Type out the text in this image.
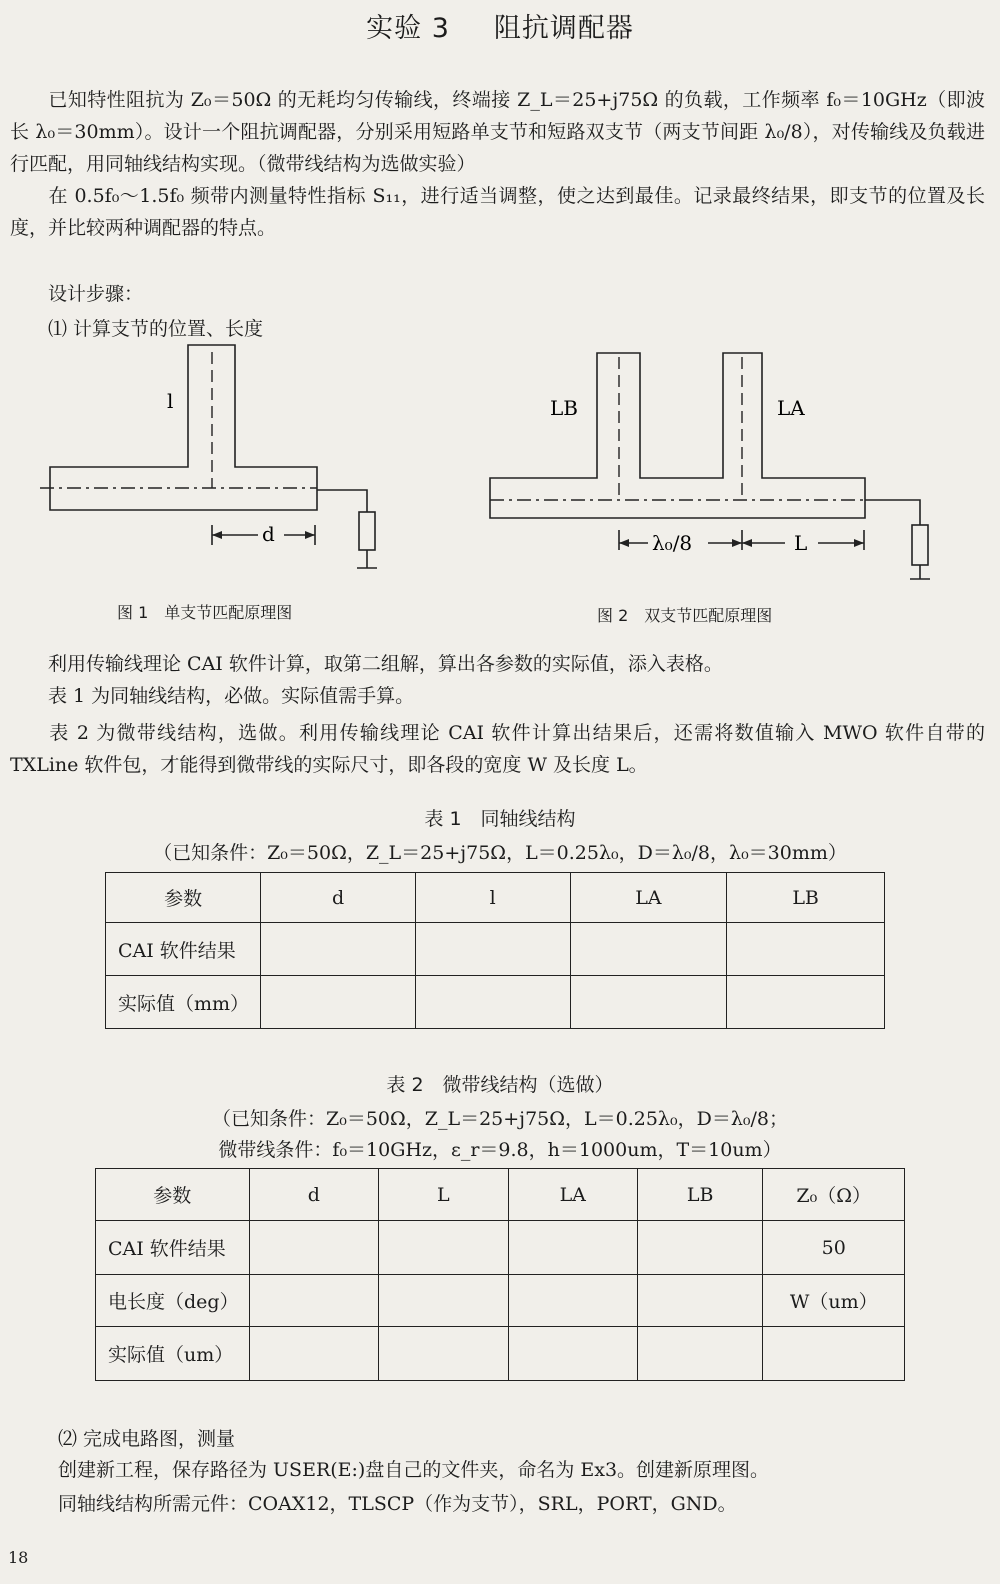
实验 3 阻抗调配器
已知特性阻抗为 Z₀＝50Ω 的无耗均匀传输线，终端接 Z_L＝25+j75Ω 的负载，工作频率 f₀＝10GHz（即波长 λ₀＝30mm）。设计一个阻抗调配器，分别采用短路单支节和短路双支节（两支节间距 λ₀/8），对传输线及负载进行匹配，用同轴线结构实现。（微带线结构为选做实验）
在 0.5f₀～1.5f₀ 频带内测量特性指标 S₁₁，进行适当调整，使之达到最佳。记录最终结果，即支节的位置及长度，并比较两种调配器的特点。
设计步骤：
⑴ 计算支节的位置、长度
l
d
图 1　单支节匹配原理图
LB	LA
λ₀/8	L
图 2　双支节匹配原理图
利用传输线理论 CAI 软件计算，取第二组解，算出各参数的实际值，添入表格。
表 1 为同轴线结构，必做。实际值需手算。
表 2 为微带线结构，选做。利用传输线理论 CAI 软件计算出结果后，还需将数值输入 MWO 软件自带的 TXLine 软件包，才能得到微带线的实际尺寸，即各段的宽度 W 及长度 L。
表 1　同轴线结构
（已知条件：Z₀＝50Ω，Z_L＝25+j75Ω，L＝0.25λ₀，D＝λ₀/8，λ₀＝30mm）
参数	d	l	LA	LB
CAI 软件结果				
实际值（mm）				
表 2　微带线结构（选做）
（已知条件：Z₀＝50Ω，Z_L＝25+j75Ω，L＝0.25λ₀，D＝λ₀/8；
微带线条件：f₀＝10GHz，ε_r＝9.8，h＝1000um，T＝10um）
参数	d	L	LA	LB	Z₀（Ω）
CAI 软件结果					50
电长度（deg）					W（um）
实际值（um）					
⑵ 完成电路图，测量
创建新工程，保存路径为 USER(E:)盘自己的文件夹，命名为 Ex3。创建新原理图。
同轴线结构所需元件：COAX12，TLSCP（作为支节），SRL，PORT，GND。
18
